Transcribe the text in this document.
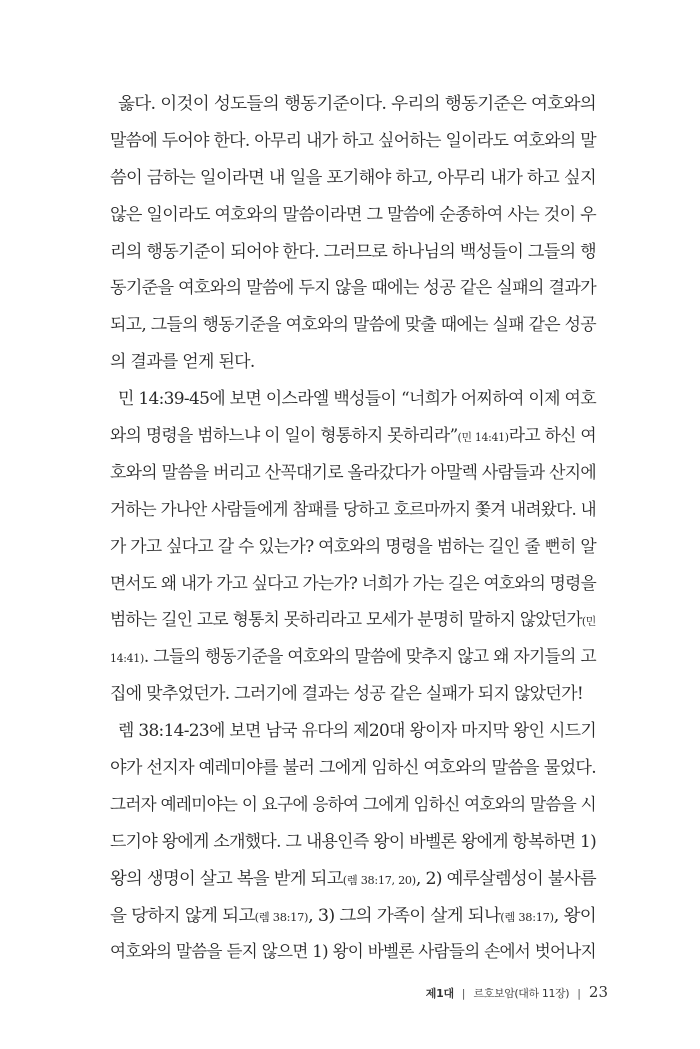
옳다. 이것이 성도들의 행동기준이다. 우리의 행동기준은 여호와의
말씀에 두어야 한다. 아무리 내가 하고 싶어하는 일이라도 여호와의 말
씀이 금하는 일이라면 내 일을 포기해야 하고, 아무리 내가 하고 싶지
않은 일이라도 여호와의 말씀이라면 그 말씀에 순종하여 사는 것이 우
리의 행동기준이 되어야 한다. 그러므로 하나님의 백성들이 그들의 행
동기준을 여호와의 말씀에 두지 않을 때에는 성공 같은 실패의 결과가
되고, 그들의 행동기준을 여호와의 말씀에 맞출 때에는 실패 같은 성공
의 결과를 얻게 된다.
민 14:39-45에 보면 이스라엘 백성들이 “너희가 어찌하여 이제 여호
와의 명령을 범하느냐 이 일이 형통하지 못하리라”(민 14:41)라고 하신 여
호와의 말씀을 버리고 산꼭대기로 올라갔다가 아말렉 사람들과 산지에
거하는 가나안 사람들에게 참패를 당하고 호르마까지 쫓겨 내려왔다. 내
가 가고 싶다고 갈 수 있는가? 여호와의 명령을 범하는 길인 줄 뻔히 알
면서도 왜 내가 가고 싶다고 가는가? 너희가 가는 길은 여호와의 명령을
범하는 길인 고로 형통치 못하리라고 모세가 분명히 말하지 않았던가(민
14:41). 그들의 행동기준을 여호와의 말씀에 맞추지 않고 왜 자기들의 고
집에 맞추었던가. 그러기에 결과는 성공 같은 실패가 되지 않았던가!
렘 38:14-23에 보면 남국 유다의 제20대 왕이자 마지막 왕인 시드기
야가 선지자 예레미야를 불러 그에게 임하신 여호와의 말씀을 물었다.
그러자 예레미야는 이 요구에 응하여 그에게 임하신 여호와의 말씀을 시
드기야 왕에게 소개했다. 그 내용인즉 왕이 바벨론 왕에게 항복하면 1)
왕의 생명이 살고 복을 받게 되고(렘 38:17, 20), 2) 예루살렘성이 불사름
을 당하지 않게 되고(렘 38:17), 3) 그의 가족이 살게 되나(렘 38:17), 왕이
여호와의 말씀을 듣지 않으면 1) 왕이 바벨론 사람들의 손에서 벗어나지
제1대 | 르호보암(대하 11장) | 23
